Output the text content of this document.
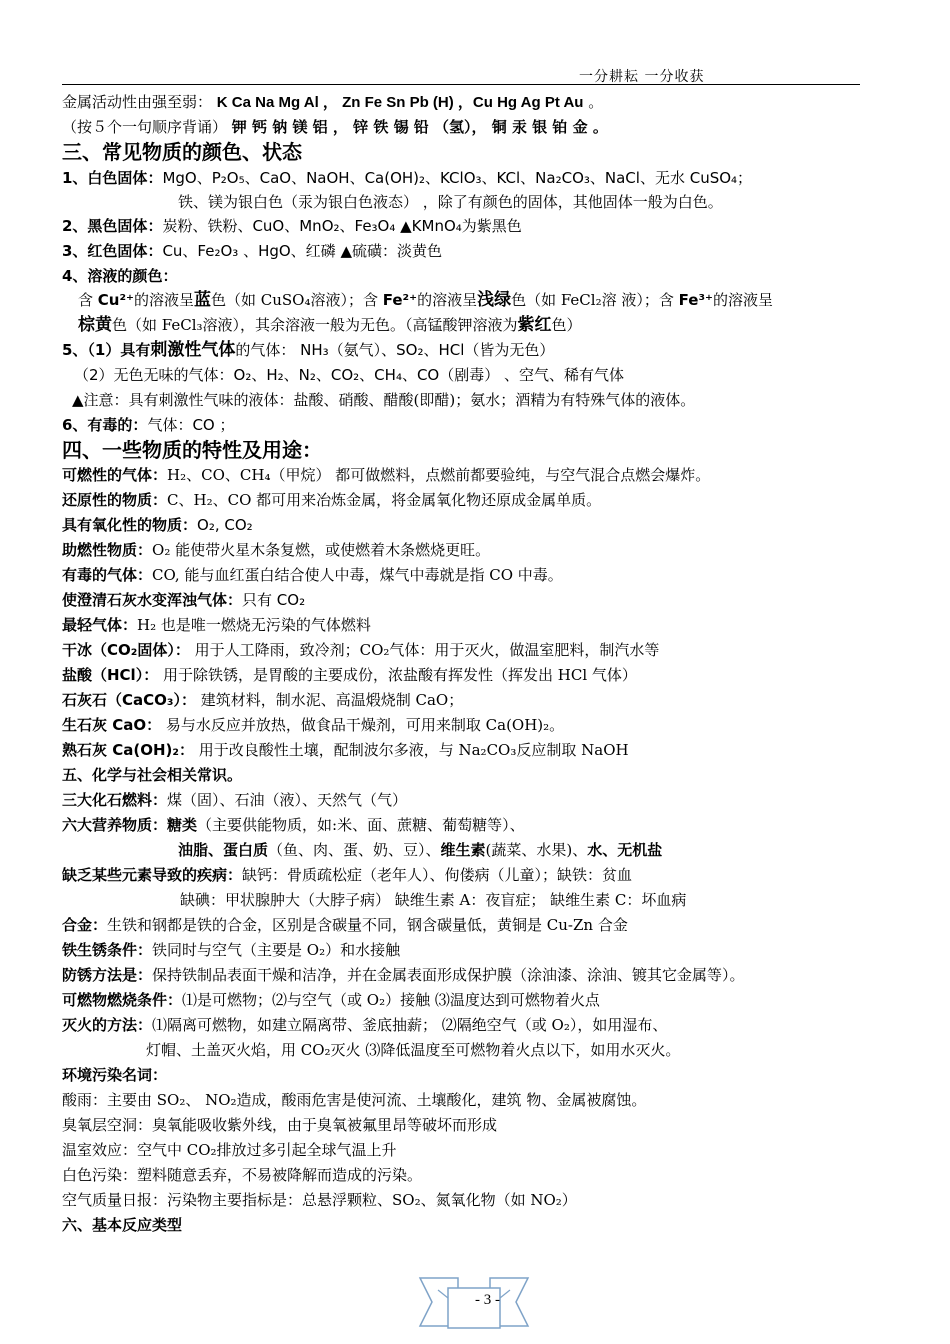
一分耕耘 一分收获
金属活动性由强至弱： K Ca Na Mg Al ， Zn Fe Sn Pb (H) ，Cu Hg Ag Pt Au 。
（按５个一句顺序背诵） 钾 钙 钠 镁 铝 ， 锌 铁 锡 铅 （氢）， 铜 汞 银 铂 金 。
三、常见物质的颜色、状态
1、白色固体：MgO、P₂O₅、CaO、NaOH、Ca(OH)₂、KClO₃、KCl、Na₂CO₃、NaCl、无水 CuSO₄；
铁、镁为银白色（汞为银白色液态） ，除了有颜色的固体，其他固体一般为白色。
2、黑色固体：炭粉、铁粉、CuO、MnO₂、Fe₃O₄ ▲KMnO₄为紫黑色
3、红色固体：Cu、Fe₂O₃ 、HgO、红磷 ▲硫磺：淡黄色
4、溶液的颜色：
含 Cu²⁺的溶液呈蓝色（如 CuSO₄溶液）；含 Fe²⁺的溶液呈浅绿色（如 FeCl₂溶 液）；含 Fe³⁺的溶液呈
棕黄色（如 FeCl₃溶液），其余溶液一般为无色。（高锰酸钾溶液为紫红色）
5、（1）具有刺激性气体的气体： NH₃（氨气）、SO₂、HCl（皆为无色）
（2）无色无味的气体：O₂、H₂、N₂、CO₂、CH₄、CO（剧毒） 、空气、稀有气体
▲注意：具有刺激性气味的液体：盐酸、硝酸、醋酸(即醋)；氨水；酒精为有特殊气体的液体。
6、有毒的：气体：CO ；
四、一些物质的特性及用途：
可燃性的气体：H₂、CO、CH₄（甲烷） 都可做燃料，点燃前都要验纯，与空气混合点燃会爆炸。
还原性的物质：C、H₂、CO 都可用来冶炼金属，将金属氧化物还原成金属单质。
具有氧化性的物质：O₂, CO₂
助燃性物质：O₂ 能使带火星木条复燃，或使燃着木条燃烧更旺。
有毒的气体：CO, 能与血红蛋白结合使人中毒，煤气中毒就是指 CO 中毒。
使澄清石灰水变浑浊气体：只有 CO₂
最轻气体：H₂ 也是唯一燃烧无污染的气体燃料
干冰（CO₂固体）： 用于人工降雨，致冷剂；CO₂气体：用于灭火，做温室肥料，制汽水等
盐酸（HCl）： 用于除铁锈，是胃酸的主要成份，浓盐酸有挥发性（挥发出 HCl 气体）
石灰石（CaCO₃）： 建筑材料，制水泥、高温煅烧制 CaO；
生石灰 CaO： 易与水反应并放热，做食品干燥剂，可用来制取 Ca(OH)₂。
熟石灰 Ca(OH)₂： 用于改良酸性土壤，配制波尔多液，与 Na₂CO₃反应制取 NaOH
五、化学与社会相关常识。
三大化石燃料：煤（固）、石油（液）、天然气（气）
六大营养物质：糖类（主要供能物质，如:米、面、蔗糖、葡萄糖等）、
油脂、蛋白质（鱼、肉、蛋、奶、豆）、维生素(蔬菜、水果)、水、无机盐
缺乏某些元素导致的疾病：缺钙：骨质疏松症（老年人）、佝偻病（儿童）；缺铁：贫血
缺碘：甲状腺肿大（大脖子病） 缺维生素 A：夜盲症； 缺维生素 C：坏血病
合金：生铁和钢都是铁的合金，区别是含碳量不同，钢含碳量低，黄铜是 Cu-Zn 合金
铁生锈条件：铁同时与空气（主要是 O₂）和水接触
防锈方法是：保持铁制品表面干燥和洁净，并在金属表面形成保护膜（涂油漆、涂油、镀其它金属等）。
可燃物燃烧条件：⑴是可燃物；⑵与空气（或 O₂）接触 ⑶温度达到可燃物着火点
灭火的方法：⑴隔离可燃物，如建立隔离带、釜底抽薪； ⑵隔绝空气（或 O₂），如用湿布、
灯帽、土盖灭火焰，用 CO₂灭火 ⑶降低温度至可燃物着火点以下，如用水灭火。
环境污染名词：
酸雨：主要由 SO₂、 NO₂造成，酸雨危害是使河流、土壤酸化，建筑 物、金属被腐蚀。
臭氧层空洞：臭氧能吸收紫外线，由于臭氧被氟里昂等破坏而形成
温室效应：空气中 CO₂排放过多引起全球气温上升
白色污染：塑料随意丢弃，不易被降解而造成的污染。
空气质量日报：污染物主要指标是：总悬浮颗粒、SO₂、氮氧化物（如 NO₂）
六、基本反应类型
- 3 -
